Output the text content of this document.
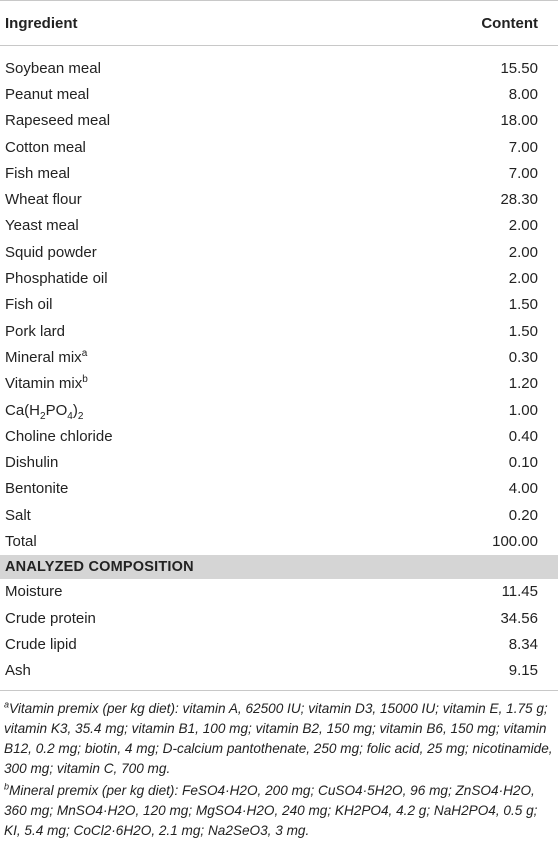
Ingredient	Content
Soybean meal	15.50
Peanut meal	8.00
Rapeseed meal	18.00
Cotton meal	7.00
Fish meal	7.00
Wheat flour	28.30
Yeast meal	2.00
Squid powder	2.00
Phosphatide oil	2.00
Fish oil	1.50
Pork lard	1.50
Mineral mix$^a$	0.30
Vitamin mix$^b$	1.20
$Ca(H_2PO_4)_2$	1.00
Choline chloride	0.40
Dishulin	0.10
Bentonite	4.00
Salt	0.20
Total	100.00
ANALYZED COMPOSITION	
Moisture	11.45
Crude protein	34.56
Crude lipid	8.34
Ash	9.15
$^a$Vitamin premix (per kg diet): vitamin A, 62500 IU; vitamin D3, 15000 IU; vitamin E, 1.75 g; vitamin K3, 35.4 mg; vitamin B1, 100 mg; vitamin B2, 150 mg; vitamin B6, 150 mg; vitamin B12, 0.2 mg; biotin, 4 mg; D-calcium pantothenate, 250 mg; folic acid, 25 mg; nicotinamide, 300 mg; vitamin C, 700 mg.
$^b$Mineral premix (per kg diet): FeSO4·H2O, 200 mg; CuSO4·5H2O, 96 mg; ZnSO4·H2O, 360 mg; MnSO4·H2O, 120 mg; MgSO4·H2O, 240 mg; KH2PO4, 4.2 g; NaH2PO4, 0.5 g; KI, 5.4 mg; CoCl2·6H2O, 2.1 mg; Na2SeO3, 3 mg.
